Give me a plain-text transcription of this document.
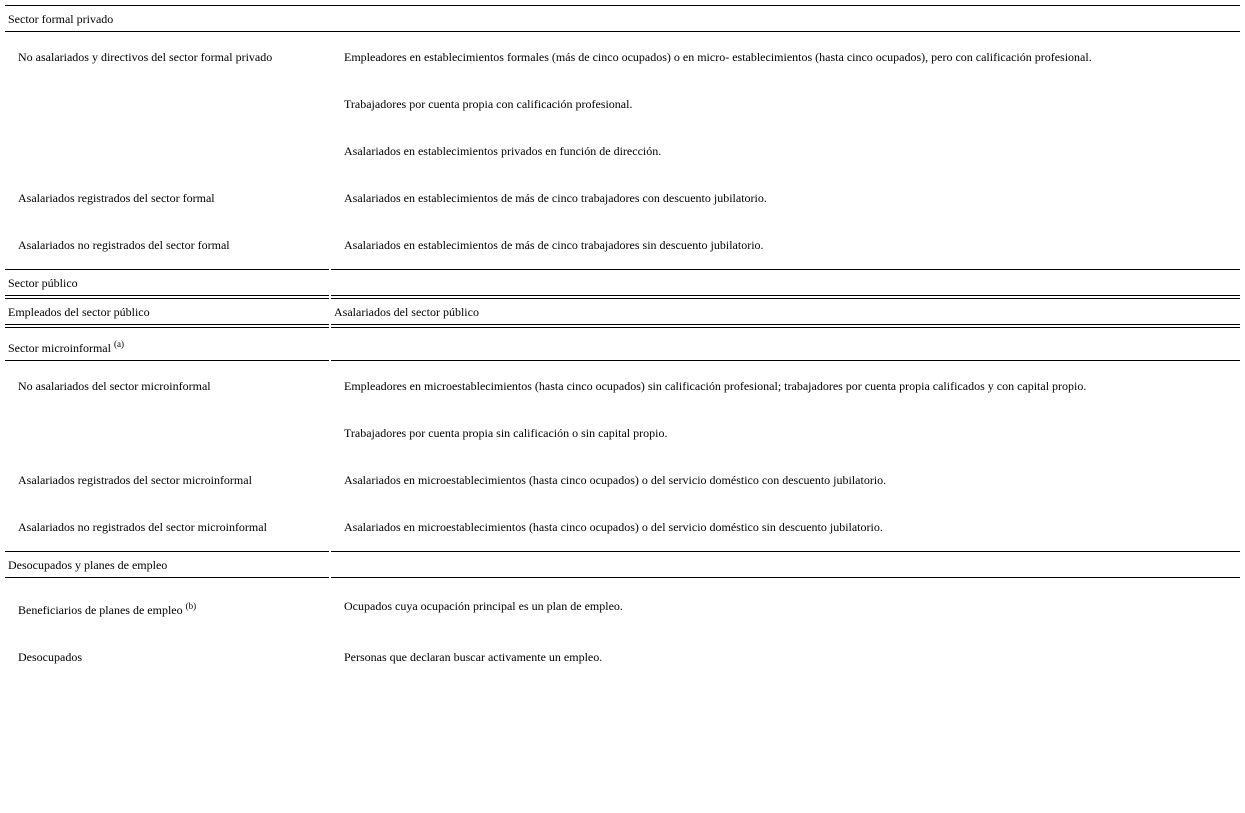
Sector formal privado
No asalariados y directivos del sector formal privado	Empleadores en establecimientos formales (más de cinco ocupados) o en micro- establecimientos (hasta cinco ocupados), pero con calificación profesional.
Trabajadores por cuenta propia con calificación profesional.
Asalariados en establecimientos privados en función de dirección.
Asalariados registrados del sector formal	Asalariados en establecimientos de más de cinco trabajadores con descuento jubilatorio.
Asalariados no registrados del sector formal	Asalariados en establecimientos de más de cinco trabajadores sin descuento jubilatorio.
Sector público
Empleados del sector público	Asalariados del sector público
Sector microinformal $^{(a)}$
No asalariados del sector microinformal	Empleadores en microestablecimientos (hasta cinco ocupados) sin calificación profesional; trabajadores por cuenta propia calificados y con capital propio.
Trabajadores por cuenta propia sin calificación o sin capital propio.
Asalariados registrados del sector microinformal	Asalariados en microestablecimientos (hasta cinco ocupados) o del servicio doméstico con descuento jubilatorio.
Asalariados no registrados del sector microinformal	Asalariados en microestablecimientos (hasta cinco ocupados) o del servicio doméstico sin descuento jubilatorio.
Desocupados y planes de empleo
Beneficiarios de planes de empleo $^{(b)}$	Ocupados cuya ocupación principal es un plan de empleo.
Desocupados	Personas que declaran buscar activamente un empleo.
